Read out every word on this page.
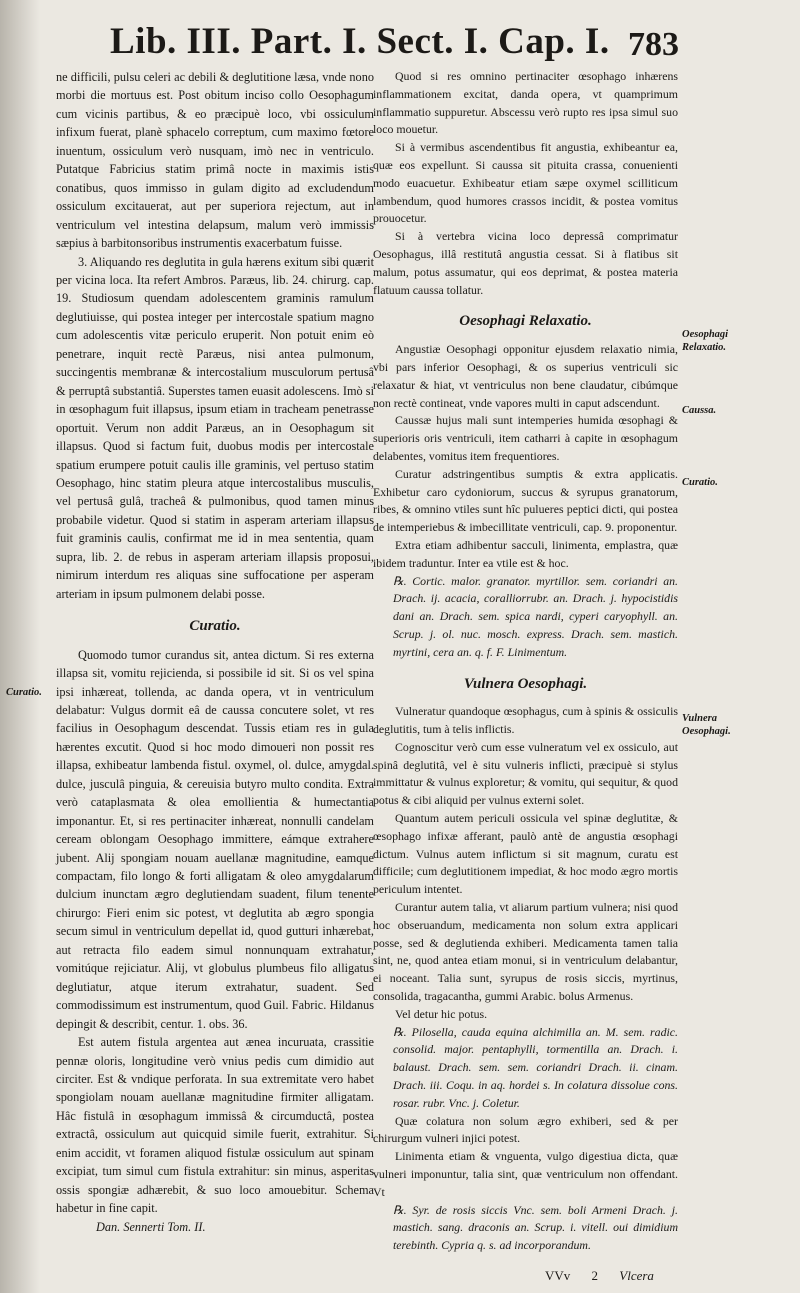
Lib. III. Part. I. Sect. I. Cap. I. 783
Curatio.
Oesophagi Relaxatio.
Caussa.
Curatio.
Vulnera Oesophagi.

ne difficili, pulsu celeri ac debili & deglutitione læsa, vnde nono morbi die mortuus est. Post obitum inciso collo Oesophagum cum vicinis partibus, & eo præcipuè loco, vbi ossiculum infixum fuerat, planè sphacelo correptum, cum maximo fœtore inuentum, ossiculum verò nusquam, imò nec in ventriculo. Putatque Fabricius statim primâ nocte in maximis istis conatibus, quos immisso in gulam digito ad excludendum ossiculum excitauerat, aut per superiora rejectum, aut in ventriculum vel intestina delapsum, malum verò immissis sæpius à barbitonsoribus instrumentis exacerbatum fuisse.

3. Aliquando res deglutita in gula hærens exitum sibi quærit per vicina loca. Ita refert Ambros. Paræus, lib. 24. chirurg. cap. 19. Studiosum quendam adolescentem graminis ramulum deglutiuisse, qui postea integer per intercostale spatium magno cum adolescentis vitæ periculo eruperit. Non potuit enim eò penetrare, inquit rectè Paræus, nisi antea pulmonum, succingentis membranæ & intercostalium musculorum pertusâ & perruptâ substantiâ. Superstes tamen euasit adolescens. Imò si in œsophagum fuit illapsus, ipsum etiam in tracheam penetrasse oportuit. Verum non addit Paræus, an in Oesophagum sit illapsus. Quod si factum fuit, duobus modis per intercostale spatium erumpere potuit caulis ille graminis, vel pertuso statim Oesophago, hinc statim pleura atque intercostalibus musculis, vel pertusâ gulâ, tracheâ & pulmonibus, quod tamen minus probabile videtur. Quod si statim in asperam arteriam illapsus fuit graminis caulis, confirmat me id in mea sententia, quam supra, lib. 2. de rebus in asperam arteriam illapsis proposui, nimirum interdum res aliquas sine suffocatione per asperam arteriam in ipsum pulmonem delabi posse.

Curatio.

Quomodo tumor curandus sit, antea dictum. Si res externa illapsa sit, vomitu rejicienda, si possibile id sit. Si os vel spina ipsi inhæreat, tollenda, ac danda opera, vt in ventriculum delabatur: Vulgus dormit eâ de caussa concutere solet, vt res facilius in Oesophagum descendat. Tussis etiam res in gula hærentes excutit. Quod si hoc modo dimoueri non possit res illapsa, exhibeatur lambenda fistul. oxymel, ol. dulce, amygdal. dulce, jusculâ pinguia, & cereuisia butyro multo condita. Extra verò cataplasmata & olea emollientia & humectantia imponantur. Et, si res pertinaciter inhæreat, nonnulli candelam ceream oblongam Oesophago immittere, eámque extrahere jubent. Alij spongiam nouam auellanæ magnitudine, eamque compactam, filo longo & forti alligatam & oleo amygdalarum dulcium inunctam ægro deglutiendam suadent, filum tenente chirurgo: Fieri enim sic potest, vt deglutita ab ægro spongia secum simul in ventriculum depellat id, quod gutturi inhærebat, aut retracta filo eadem simul nonnunquam extrahatur, vomitúque rejiciatur. Alij, vt globulus plumbeus filo alligatus deglutiatur, atque iterum extrahatur, suadent. Sed commodissimum est instrumentum, quod Guil. Fabric. Hildanus depingit & describit, centur. 1. obs. 36.

Est autem fistula argentea aut ænea incuruata, crassitie pennæ oloris, longitudine verò vnius pedis cum dimidio aut circiter. Est & vndique perforata. In sua extremitate vero habet spongiolam nouam auellanæ magnitudine firmiter alligatam. Hâc fistulâ in œsophagum immissâ & circumductâ, postea extractâ, ossiculum aut quicquid simile fuerit, extrahitur. Si enim accidit, vt foramen aliquod fistulæ ossiculum aut spinam excipiat, tum simul cum fistula extrahitur: sin minus, asperitas ossis spongiæ adhærebit, & suo loco amouebitur. Schema habetur in fine capit.

Dan. Sennerti Tom. II.

Quod si res omnino pertinaciter œsophago inhærens inflammationem excitat, danda opera, vt quamprimum inflammatio suppuretur. Abscessu verò rupto res ipsa simul suo loco mouetur.

Si à vermibus ascendentibus fit angustia, exhibeantur ea, quæ eos expellunt. Si caussa sit pituita crassa, conuenienti modo euacuetur. Exhibeatur etiam sæpe oxymel scilliticum lambendum, quod humores crassos incidit, & postea vomitus prouocetur.

Si à vertebra vicina loco depressâ comprimatur Oesophagus, illâ restitutâ angustia cessat. Si à flatibus sit malum, potus assumatur, qui eos deprimat, & postea materia flatuum caussa tollatur.

Oesophagi Relaxatio.

Angustiæ Oesophagi opponitur ejusdem relaxatio nimia, vbi pars inferior Oesophagi, & os superius ventriculi sic relaxatur & hiat, vt ventriculus non bene claudatur, cibúmque non rectè contineat, vnde vapores multi in caput adscendunt.

Caussæ hujus mali sunt intemperies humida œsophagi & superioris oris ventriculi, item catharri à capite in œsophagum delabentes, vomitus item frequentiores.

Curatur adstringentibus sumptis & extra applicatis. Exhibetur caro cydoniorum, succus & syrupus granatorum, ribes, & omnino vtiles sunt hîc pulueres peptici dicti, qui postea de intemperiebus & imbecillitate ventriculi, cap. 9. proponentur.

Extra etiam adhibentur sacculi, linimenta, emplastra, quæ ibidem traduntur. Inter ea vtile est & hoc.

℞. Cortic. malor. granator. myrtillor. sem. coriandri an. Drach. ij. acacia, coralliorrubr. an. Drach. j. hypocistidis dani an. Drach. sem. spica nardi, cyperi caryophyll. an. Scrup. j. ol. nuc. mosch. express. Drach. sem. mastich. myrtini, cera an. q. f. F. Linimentum.

Vulnera Oesophagi.

Vulneratur quandoque œsophagus, cum à spinis & ossiculis deglutitis, tum à telis inflictis.

Cognoscitur verò cum esse vulneratum vel ex ossiculo, aut spinâ deglutitâ, vel è situ vulneris inflicti, præcipuè si stylus immittatur & vulnus exploretur; & vomitu, qui sequitur, & quod potus & cibi aliquid per vulnus externi solet.

Quantum autem periculi ossicula vel spinæ deglutitæ, & œsophago infixæ afferant, paulò antè de angustia œsophagi dictum. Vulnus autem inflictum si sit magnum, curatu est difficile; cum deglutitionem impediat, & hoc modo ægro mortis periculum intentet.

Curantur autem talia, vt aliarum partium vulnera; nisi quod hoc obseruandum, medicamenta non solum extra applicari posse, sed & deglutienda exhiberi. Medicamenta tamen talia sint, ne, quod antea etiam monui, si in ventriculum delabantur, ei noceant. Talia sunt, syrupus de rosis siccis, myrtinus, consolida, tragacantha, gummi Arabic. bolus Armenus.

Vel detur hic potus.

℞. Pilosella, cauda equina alchimilla an. M. sem. radic. consolid. major. pentaphylli, tormentilla an. Drach. i. balaust. Drach. sem. sem. coriandri Drach. ii. cinam. Drach. iii. Coqu. in aq. hordei s. In colatura dissolue cons. rosar. rubr. Vnc. j. Coletur.

Quæ colatura non solum ægro exhiberi, sed & per chirurgum vulneri injici potest.

Linimenta etiam & vnguenta, vulgo digestiua dicta, quæ vulneri imponuntur, talia sint, quæ ventriculum non offendant. Vt

℞. Syr. de rosis siccis Vnc. sem. boli Armeni Drach. j. mastich. sang. draconis an. Scrup. i. vitell. oui dimidium terebinth. Cypria q. s. ad incorporandum.

VVv 2 Vlcera
